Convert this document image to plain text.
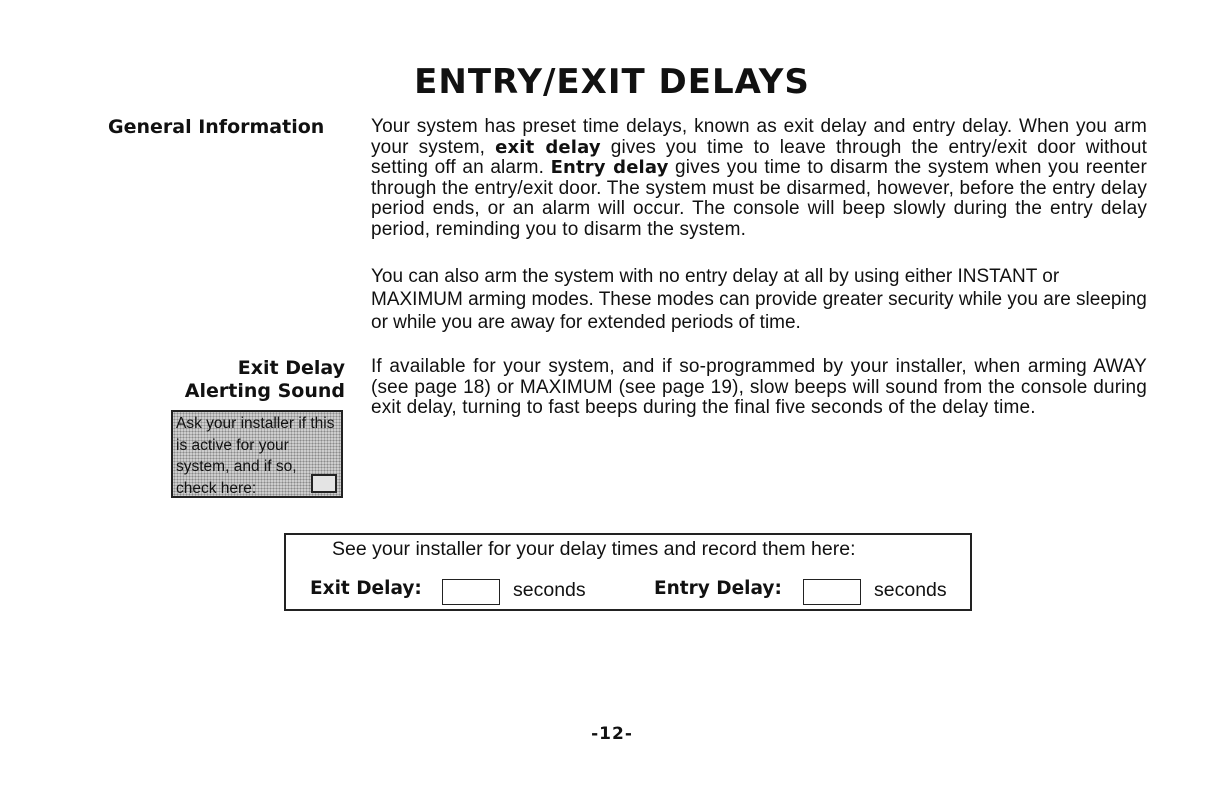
ENTRY/EXIT DELAYS
General Information	Your system has preset time delays, known as exit delay and entry delay. When you arm your system, exit delay gives you time to leave through the entry/exit door without setting off an alarm. Entry delay gives you time to disarm the system when you reenter through the entry/exit door. The system must be disarmed, however, before the entry delay period ends, or an alarm will occur. The console will beep slowly during the entry delay period, reminding you to disarm the system.
You can also arm the system with no entry delay at all by using either INSTANT or MAXIMUM arming modes. These modes can provide greater security while you are sleeping or while you are away for extended periods of time.
Exit Delay
Alerting Sound
If available for your system, and if so-programmed by your installer, when arming AWAY (see page 18) or MAXIMUM (see page 19), slow beeps will sound from the console during exit delay, turning to fast beeps during the final five seconds of the delay time.
Ask your installer if this is active for your system, and if so, check here:
See your installer for your delay times and record them here:
Exit Delay:	seconds	Entry Delay:	seconds
-12-
